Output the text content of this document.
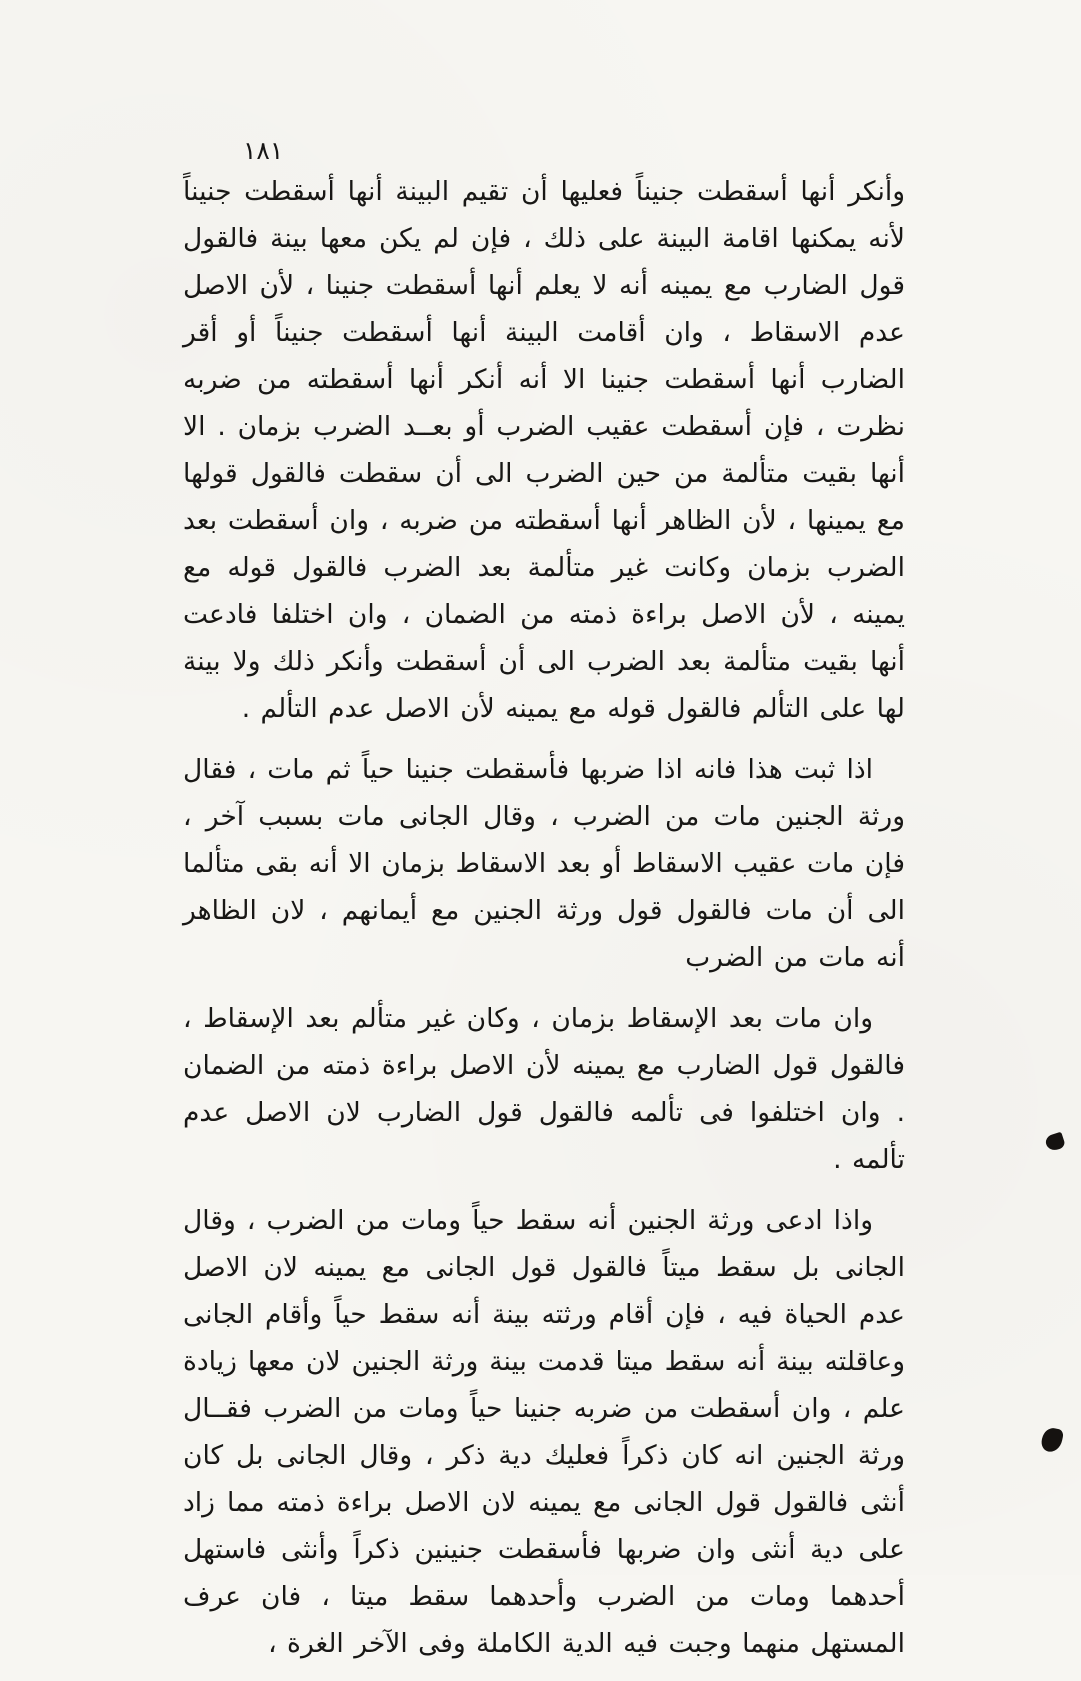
١٨١

وأنكر أنها أسقطت جنيناً فعليها أن تقيم البينة أنها أسقطت جنيناً لأنه يمكنها اقامة البينة على ذلك ، فإن لم يكن معها بينة فالقول قول الضارب مع يمينه أنه لا يعلم أنها أسقطت جنينا ، لأن الاصل عدم الاسقاط ، وان أقامت البينة أنها أسقطت جنيناً أو أقر الضارب أنها أسقطت جنينا الا أنه أنكر أنها أسقطته من ضربه نظرت ، فإن أسقطت عقيب الضرب أو بعــد الضرب بزمان . الا أنها بقيت متألمة من حين الضرب الى أن سقطت فالقول قولها مع يمينها ، لأن الظاهر أنها أسقطته من ضربه ، وان أسقطت بعد الضرب بزمان وكانت غير متألمة بعد الضرب فالقول قوله مع يمينه ، لأن الاصل براءة ذمته من الضمان ، وان اختلفا فادعت أنها بقيت متألمة بعد الضرب الى أن أسقطت وأنكر ذلك ولا بينة لها على التألم فالقول قوله مع يمينه لأن الاصل عدم التألم .

اذا ثبت هذا فانه اذا ضربها فأسقطت جنينا حياً ثم مات ، فقال ورثة الجنين مات من الضرب ، وقال الجانى مات بسبب آخر ، فإن مات عقيب الاسقاط أو بعد الاسقاط بزمان الا أنه بقى متألما الى أن مات فالقول قول ورثة الجنين مع أيمانهم ، لان الظاهر أنه مات من الضرب

وان مات بعد الإسقاط بزمان ، وكان غير متألم بعد الإسقاط ، فالقول قول الضارب مع يمينه لأن الاصل براءة ذمته من الضمان . وان اختلفوا فى تألمه فالقول قول الضارب لان الاصل عدم تألمه .

واذا ادعى ورثة الجنين أنه سقط حياً ومات من الضرب ، وقال الجانى بل سقط ميتاً فالقول قول الجانى مع يمينه لان الاصل عدم الحياة فيه ، فإن أقام ورثته بينة أنه سقط حياً وأقام الجانى وعاقلته بينة أنه سقط ميتا قدمت بينة ورثة الجنين لان معها زيادة علم ، وان أسقطت من ضربه جنينا حياً ومات من الضرب فقــال ورثة الجنين انه كان ذكراً فعليك دية ذكر ، وقال الجانى بل كان أنثى فالقول قول الجانى مع يمينه لان الاصل براءة ذمته مما زاد على دية أنثى وان ضربها فأسقطت جنينين ذكراً وأنثى فاستهل أحدهما ومات من الضرب وأحدهما سقط ميتا ، فان عرف المستهل منهما وجبت فيه الدية الكاملة وفى الآخر الغرة ،
